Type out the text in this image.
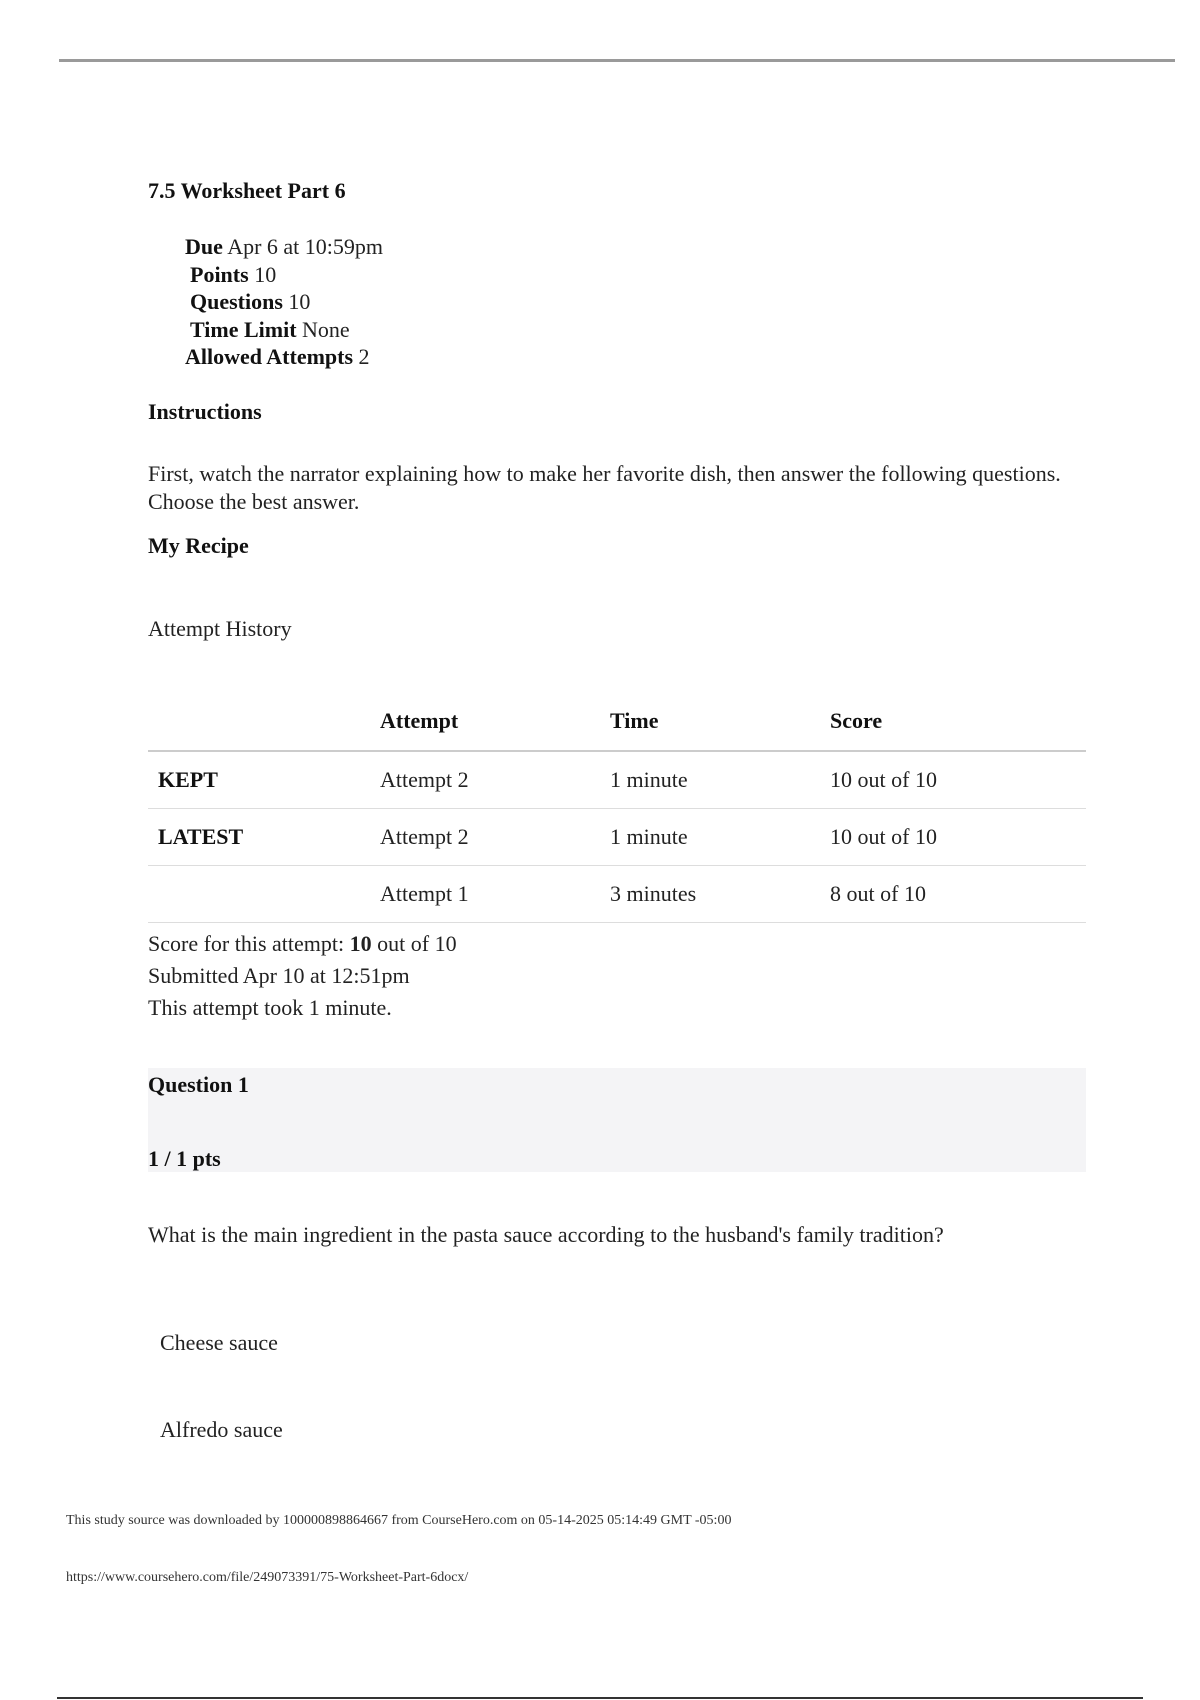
7.5 Worksheet Part 6
Due Apr 6 at 10:59pm
Points 10
Questions 10
Time Limit None
Allowed Attempts 2
Instructions

First, watch the narrator explaining how to make her favorite dish, then answer the following questions. Choose the best answer.

My Recipe
Attempt History
	Attempt	Time	Score
KEPT	Attempt 2	1 minute	10 out of 10
LATEST	Attempt 2	1 minute	10 out of 10
	Attempt 1	3 minutes	8 out of 10
Score for this attempt: 10 out of 10
Submitted Apr 10 at 12:51pm
This attempt took 1 minute.
Question 1
1 / 1 pts
What is the main ingredient in the pasta sauce according to the husband's family tradition?
Cheese sauce
Alfredo sauce
This study source was downloaded by 100000898864667 from CourseHero.com on 05-14-2025 05:14:49 GMT -05:00
https://www.coursehero.com/file/249073391/75-Worksheet-Part-6docx/
